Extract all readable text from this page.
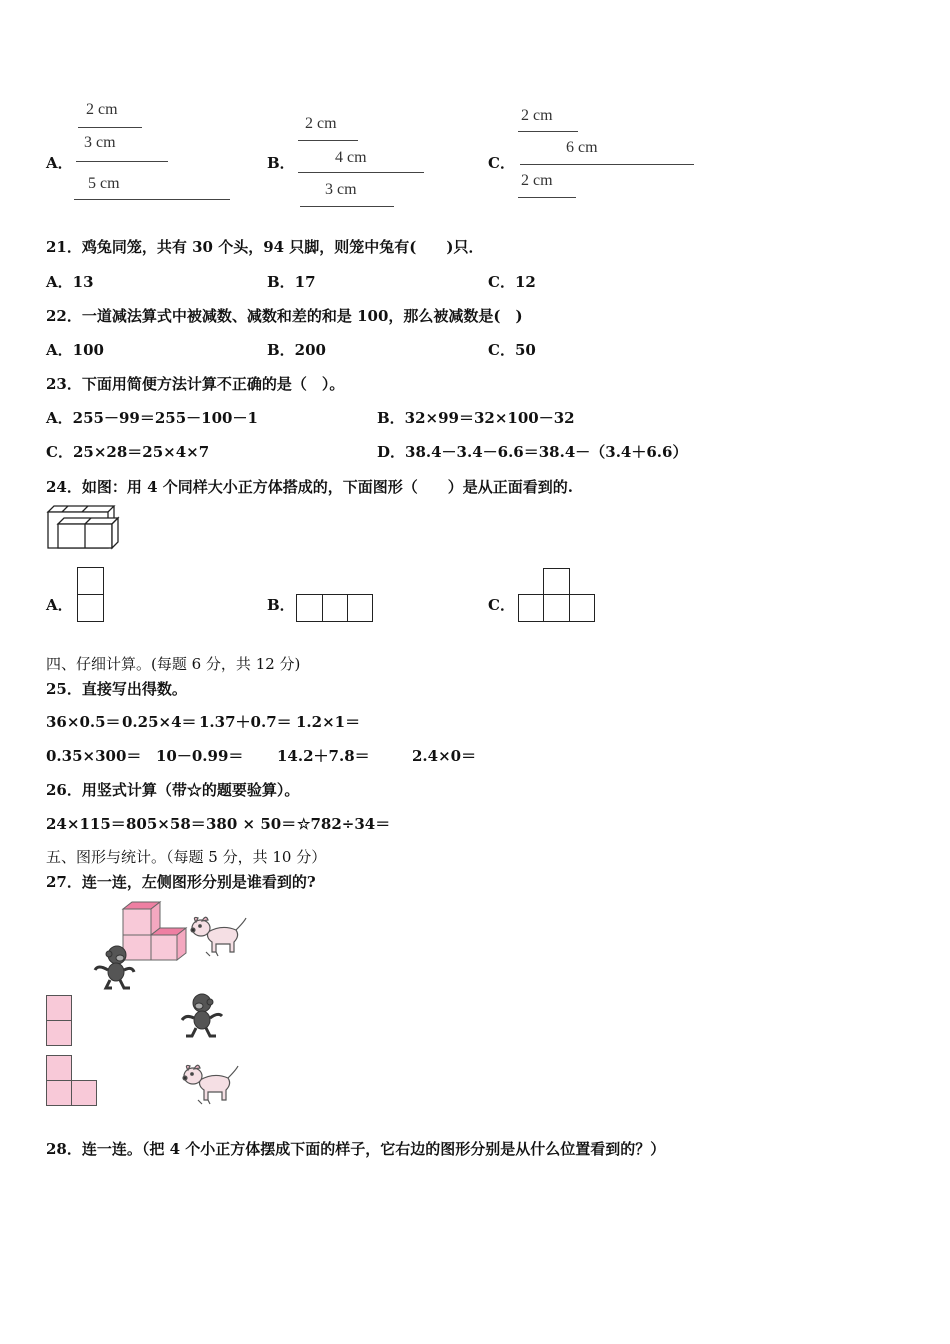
A．
2 cm
3 cm
5 cm
B．
2 cm
4 cm
3 cm
C．
2 cm
6 cm
2 cm
21．鸡兔同笼，共有 30 个头，94 只脚，则笼中兔有(　　)只．
A．13	B．17	C．12
22．一道减法算式中被减数、减数和差的和是 100，那么被减数是(　)
A．100	B．200	C．50
23．下面用简便方法计算不正确的是（　）。
A．255－99＝255－100－1	B．32×99＝32×100－32
C．25×28＝25×4×7	D．38.4－3.4－6.6＝38.4－（3.4＋6.6）
24．如图：用 4 个同样大小正方体搭成的，下面图形（　　）是从正面看到的.
A．	B．	C．
四、仔细计算。(每题 6 分，共 12 分)
25．直接写出得数。
36×0.5＝ 0.25×4＝ 1.37＋0.7＝ 1.2×1＝
0.35×300＝ 10－0.99＝ 14.2＋7.8＝	2.4×0＝
26．用竖式计算（带☆的题要验算）。
24×115＝ 805×58＝ 380 × 50＝ ☆782÷34＝
五、图形与统计。（每题 5 分，共 10 分）
27．连一连，左侧图形分别是谁看到的?
28．连一连。（把 4 个小正方体摆成下面的样子，它右边的图形分别是从什么位置看到的？）
